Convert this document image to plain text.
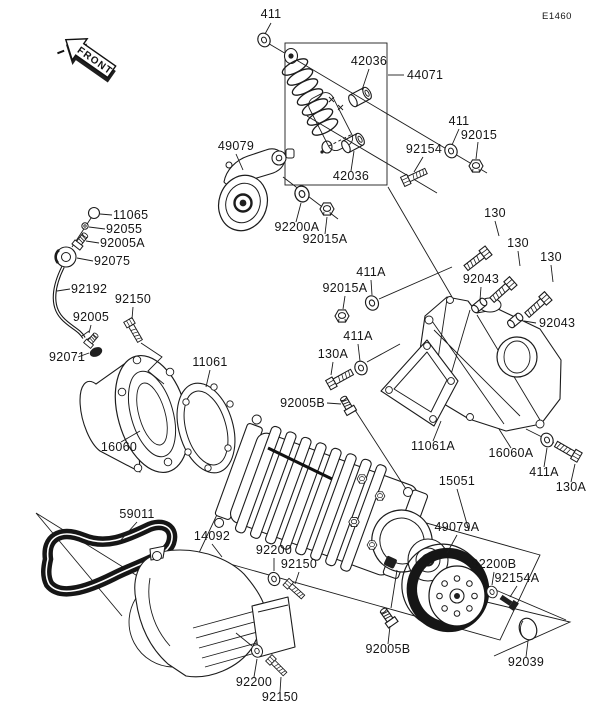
FRONT
E1460
411
42036
44071
411
92015
92154
49079
42036
92200A
92015A
11065
92055
92005A
92075
92192
92150
92005
92071	11061
16060
130
130
130
92043
92043
411A
92015A
411A
130A
92005B
11061A	16060A
411A
130A
15051
59011
14092
92200
92150
49079A
92200B
92154A
92039
92200
92150
92005B
